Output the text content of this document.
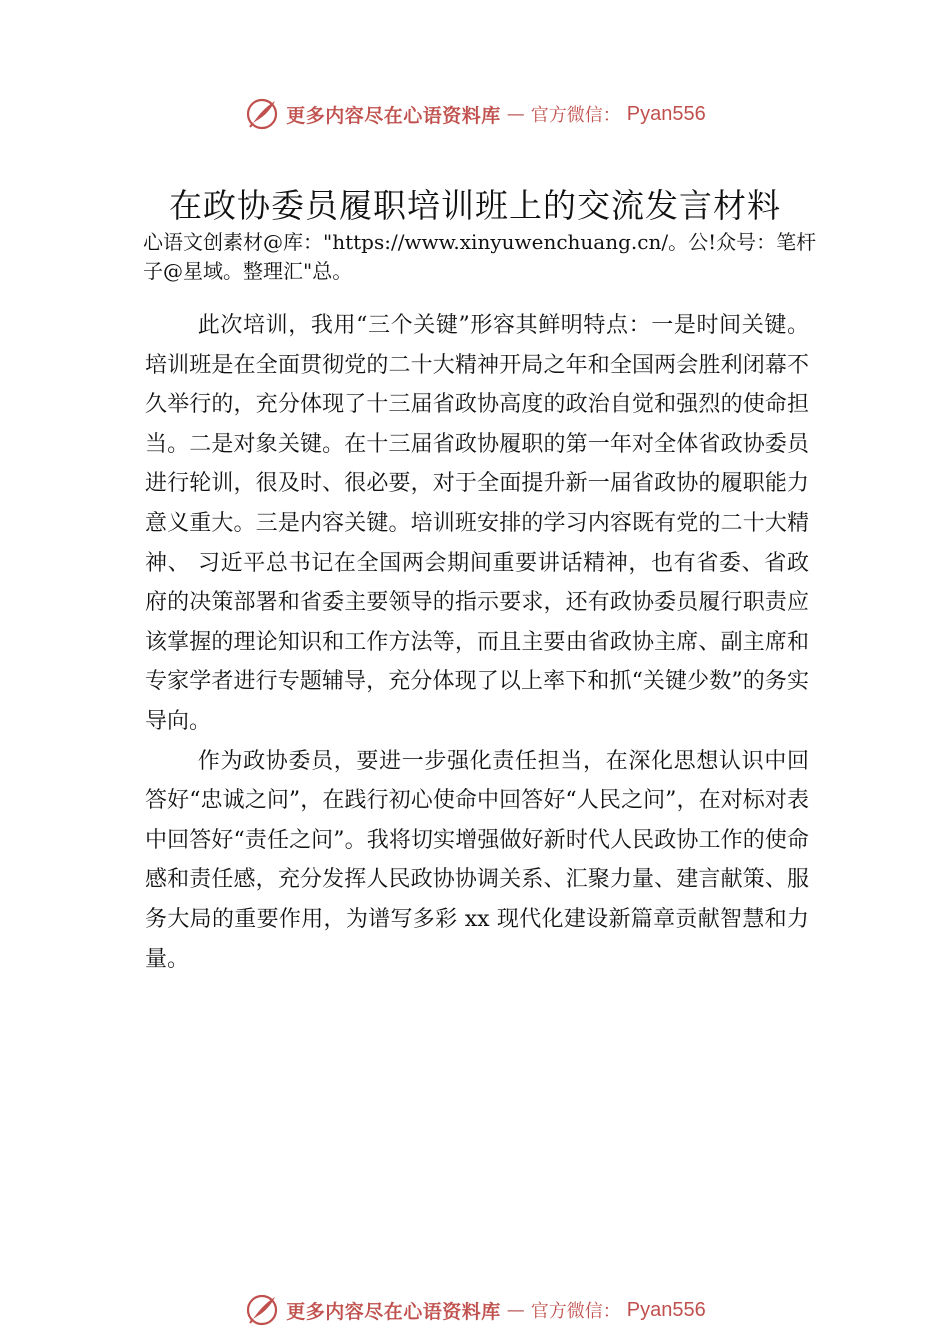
更多内容尽在心语资料库 — 官方微信： Pyan556
在政协委员履职培训班上的交流发言材料
心语文创素材@库："https://www.xinyuwenchuang.cn/。公!众号：笔杆子@星域。整理汇"总。

此次培训，我用“三个关键”形容其鲜明特点：一是时间关键。培训班是在全面贯彻党的二十大精神开局之年和全国两会胜利闭幕不久举行的，充分体现了十三届省政协高度的政治自觉和强烈的使命担当。二是对象关键。在十三届省政协履职的第一年对全体省政协委员进行轮训，很及时、很必要，对于全面提升新一届省政协的履职能力意义重大。三是内容关键。培训班安排的学习内容既有党的二十大精神、 习近平总书记在全国两会期间重要讲话精神，也有省委、省政府的决策部署和省委主要领导的指示要求，还有政协委员履行职责应该掌握的理论知识和工作方法等，而且主要由省政协主席、副主席和专家学者进行专题辅导，充分体现了以上率下和抓“关键少数”的务实导向。

作为政协委员，要进一步强化责任担当，在深化思想认识中回答好“忠诚之问”，在践行初心使命中回答好“人民之问”，在对标对表中回答好“责任之问”。我将切实增强做好新时代人民政协工作的使命感和责任感，充分发挥人民政协协调关系、汇聚力量、建言献策、服务大局的重要作用，为谱写多彩 xx 现代化建设新篇章贡献智慧和力量。

更多内容尽在心语资料库 — 官方微信： Pyan556
